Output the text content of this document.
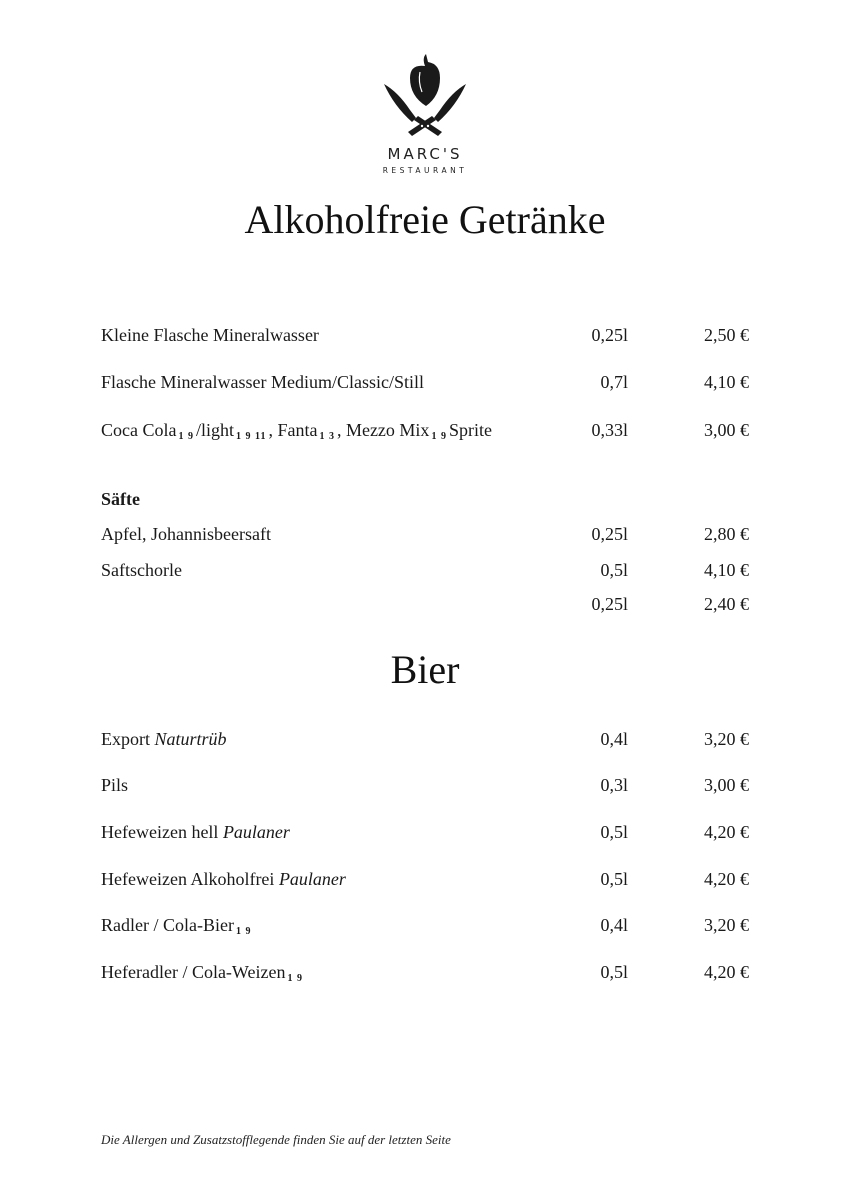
MARC'S
RESTAURANT
Alkoholfreie Getränke
Kleine Flasche Mineralwasser	0,25l	2,50 €
Flasche Mineralwasser Medium/Classic/Still	0,7l	4,10 €
Coca Cola $_{1 9}$ /light $_{1 9 11}$ , Fanta $_{1 3}$ , Mezzo Mix $_{1 9}$ Sprite	0,33l	3,00 €
Säfte
Apfel, Johannisbeersaft	0,25l	2,80 €
Saftschorle	0,5l	4,10 €
0,25l	2,40 €
Bier
Export Naturtrüb	0,4l	3,20 €
Pils	0,3l	3,00 €
Hefeweizen hell Paulaner	0,5l	4,20 €
Hefeweizen Alkoholfrei Paulaner	0,5l	4,20 €
Radler / Cola-Bier $_{1 9}$	0,4l	3,20 €
Heferadler / Cola-Weizen $_{1 9}$	0,5l	4,20 €
Die Allergen und Zusatzstofflegende finden Sie auf der letzten Seite
